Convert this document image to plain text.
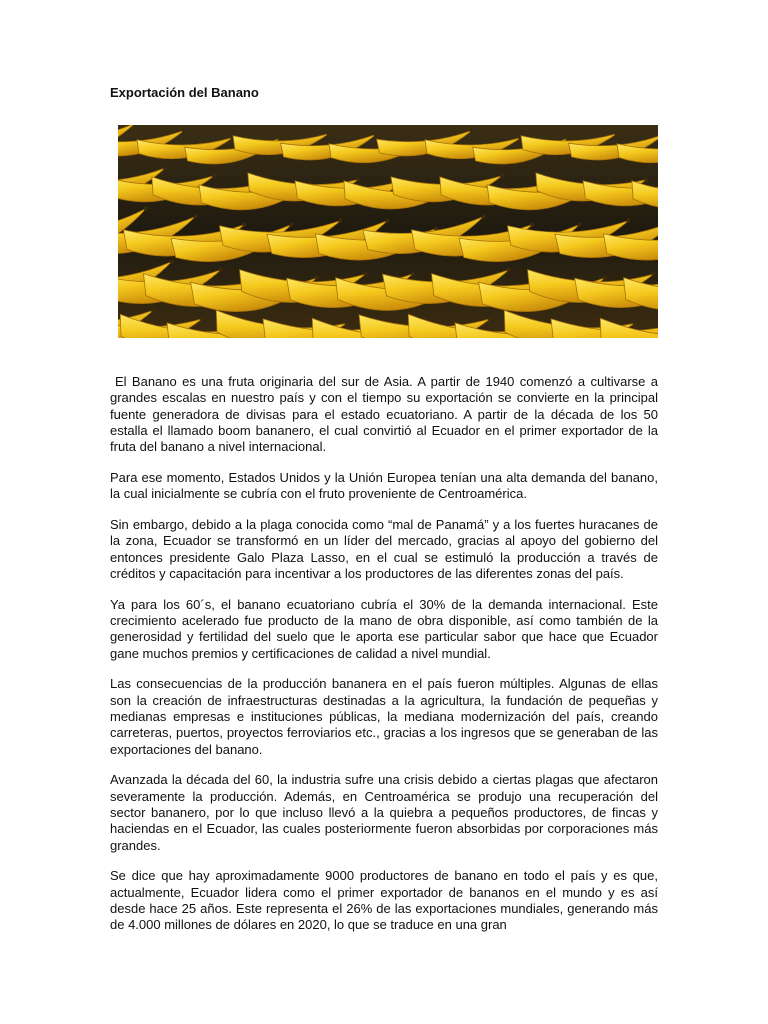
Exportación del Banano

El Banano es una fruta originaria del sur de Asia. A partir de 1940 comenzó a cultivarse a grandes escalas en nuestro país y con el tiempo su exportación se convierte en la principal fuente generadora de divisas para el estado ecuatoriano. A partir de la década de los 50 estalla el llamado boom bananero, el cual convirtió al Ecuador en el primer exportador de la fruta del banano a nivel internacional.

Para ese momento, Estados Unidos y la Unión Europea tenían una alta demanda del banano, la cual inicialmente se cubría con el fruto proveniente de Centroamérica.

Sin embargo, debido a la plaga conocida como “mal de Panamá” y a los fuertes huracanes de la zona, Ecuador se transformó en un líder del mercado, gracias al apoyo del gobierno del entonces presidente Galo Plaza Lasso, en el cual se estimuló la producción a través de créditos y capacitación para incentivar a los productores de las diferentes zonas del país.

Ya para los 60´s, el banano ecuatoriano cubría el 30% de la demanda internacional. Este crecimiento acelerado fue producto de la mano de obra disponible, así como también de la generosidad y fertilidad del suelo que le aporta ese particular sabor que hace que Ecuador gane muchos premios y certificaciones de calidad a nivel mundial.

Las consecuencias de la producción bananera en el país fueron múltiples. Algunas de ellas son la creación de infraestructuras destinadas a la agricultura, la fundación de pequeñas y medianas empresas e instituciones públicas, la mediana modernización del país, creando carreteras, puertos, proyectos ferroviarios etc., gracias a los ingresos que se generaban de las exportaciones del banano.

Avanzada la década del 60, la industria sufre una crisis debido a ciertas plagas que afectaron severamente la producción. Además, en Centroamérica se produjo una recuperación del sector bananero, por lo que incluso llevó a la quiebra a pequeños productores, de fincas y haciendas en el Ecuador, las cuales posteriormente fueron absorbidas por corporaciones más grandes.

Se dice que hay aproximadamente 9000 productores de banano en todo el país y es que, actualmente, Ecuador lidera como el primer exportador de bananos en el mundo y es así desde hace 25 años. Este representa el 26% de las exportaciones mundiales, generando más de 4.000 millones de dólares en 2020, lo que se traduce en una gran
